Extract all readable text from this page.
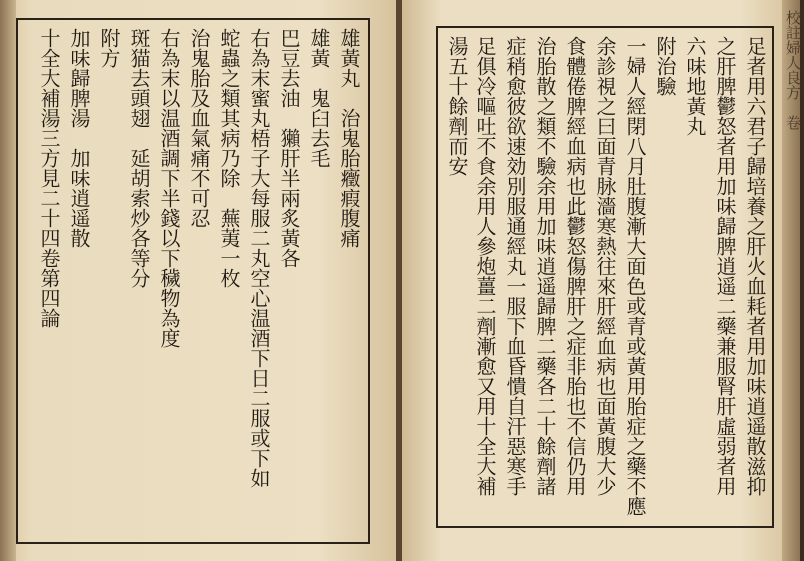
雄黃丸　治鬼胎癥瘕腹痛
雄黃　鬼臼去毛
巴豆去油　獺肝半兩炙黃各
右為末蜜丸梧子大每服二丸空心温酒下日二服或下如
蛇蟲之類其病乃除　蕪荑一枚
治鬼胎及血氣痛不可忍
右為末以温酒調下半錢以下穢物為度
斑猫去頭翅　延胡索炒各等分
附方
加味歸脾湯　加味逍遥散
十全大補湯三方見二十四卷第四論	足者用六君子歸培養之肝火血耗者用加味逍遥散滋抑
之肝脾鬱怒者用加味歸脾逍遥二藥兼服腎肝虛弱者用
六味地黃丸
附治驗
一婦人經閉八月肚腹漸大面色或青或黃用胎症之藥不應
余診視之曰面青脉濇寒熱往來肝經血病也面黃腹大少
食體倦脾經血病也此鬱怒傷脾肝之症非胎也不信仍用
治胎散之類不驗余用加味逍遥歸脾二藥各二十餘劑諸
症稍愈彼欲速効別服通經丸一服下血昏憒自汗惡寒手
足俱冷嘔吐不食余用人參炮薑二劑漸愈又用十全大補
湯五十餘劑而安	校註婦人良方　卷
